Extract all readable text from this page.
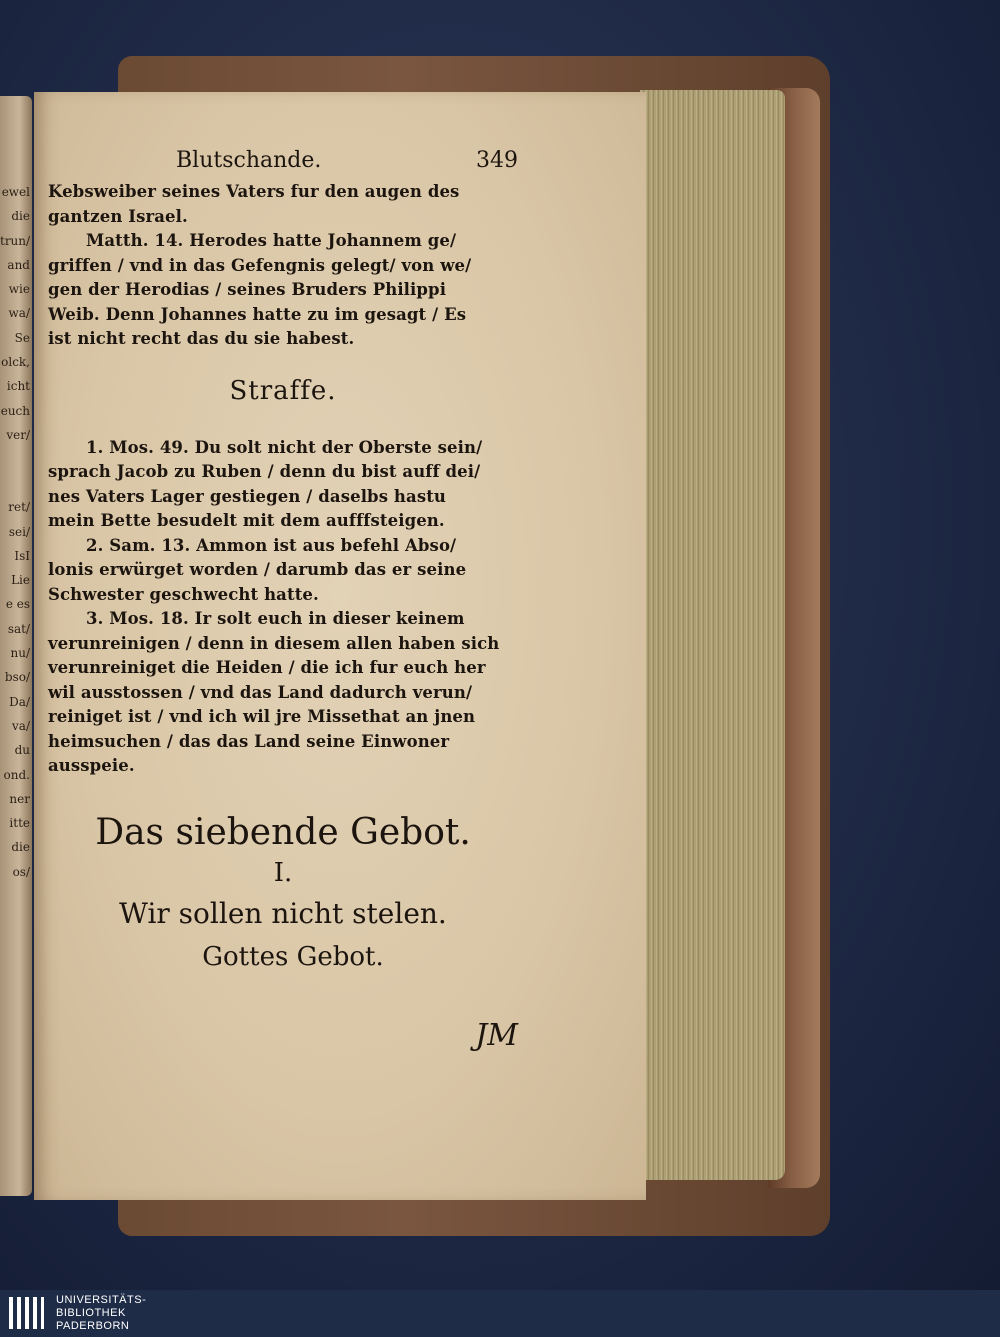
ewel
die
trun/
and
wie
wa/
Se
olck,
icht
euch
ver/
ret/
sei/
IsI
Lie
e es
sat/
nu/
bso/
Da/
va/
du
ond.
ner
itte
die
os/
Blutschande.	349
Kebsweiber seines Vaters fur den augen des
gantzen Israel.
Matth. 14. Herodes hatte Johannem ge/
griffen / vnd in das Gefengnis gelegt/ von we/
gen der Herodias / seines Bruders Philippi
Weib. Denn Johannes hatte zu im gesagt / Es
ist nicht recht das du sie habest.
Straffe.
1. Mos. 49. Du solt nicht der Oberste sein/
sprach Jacob zu Ruben / denn du bist auff dei/
nes Vaters Lager gestiegen / daselbs hastu
mein Bette besudelt mit dem aufffsteigen.
2. Sam. 13. Ammon ist aus befehl Abso/
lonis erwürget worden / darumb das er seine
Schwester geschwecht hatte.
3. Mos. 18. Ir solt euch in dieser keinem
verunreinigen / denn in diesem allen haben sich
verunreiniget die Heiden / die ich fur euch her
wil ausstossen / vnd das Land dadurch verun/
reiniget ist / vnd ich wil jre Missethat an jnen
heimsuchen / das das Land seine Einwoner
ausspeie.
Das siebende Gebot.
I.
Wir sollen nicht stelen.
Gottes Gebot.
JM
UNIVERSITÄTS-
BIBLIOTHEK
PADERBORN
